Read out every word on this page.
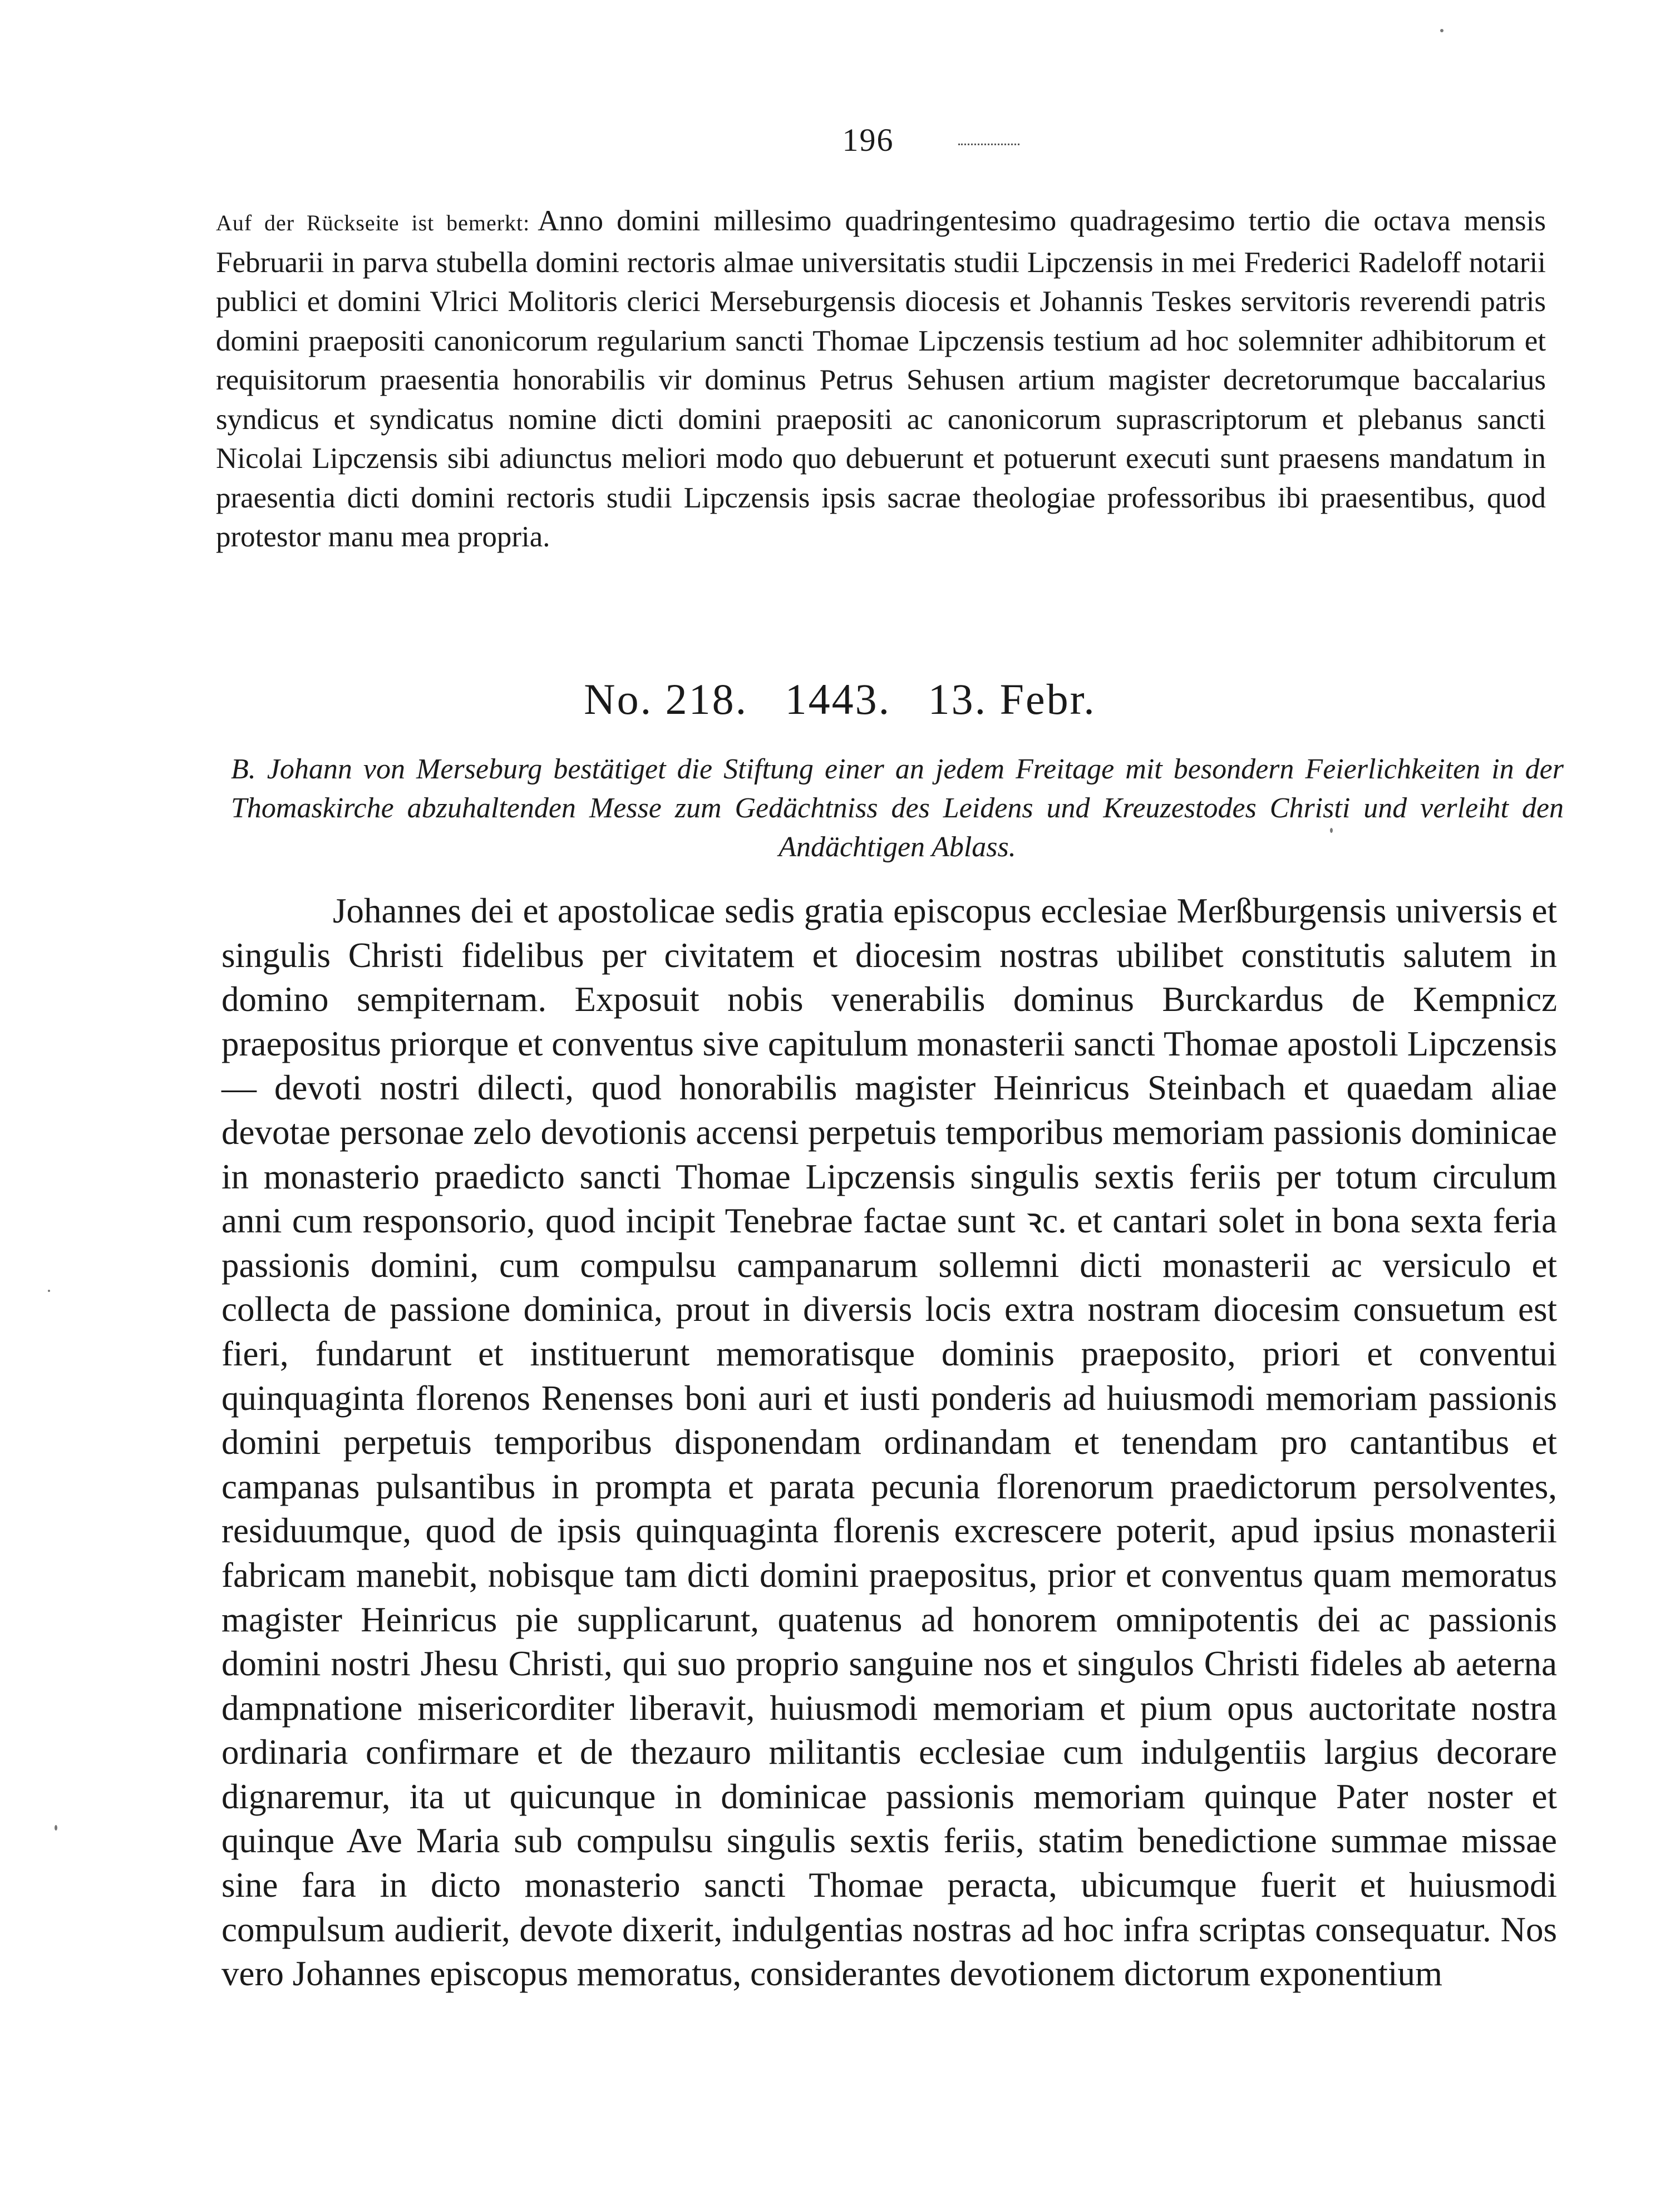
196
Auf der Rückseite ist bemerkt: Anno domini millesimo quadringentesimo quadragesimo tertio die octava mensis Februarii in parva stubella domini rectoris almae universitatis studii Lipczensis in mei Frederici Radeloff notarii publici et domini Vlrici Molitoris clerici Merseburgensis diocesis et Johannis Teskes servitoris reverendi patris domini praepositi canonicorum regularium sancti Thomae Lipczensis testium ad hoc solemniter adhibitorum et requisitorum praesentia honorabilis vir dominus Petrus Sehusen artium magister decretorumque baccalarius syndicus et syndicatus nomine dicti domini praepositi ac canonicorum suprascriptorum et plebanus sancti Nicolai Lipczensis sibi adiunctus meliori modo quo debuerunt et potuerunt executi sunt praesens mandatum in praesentia dicti domini rectoris studii Lipczensis ipsis sacrae theologiae professoribus ibi praesentibus, quod protestor manu mea propria.
No. 218. 1443. 13. Febr.
B. Johann von Merseburg bestätiget die Stiftung einer an jedem Freitage mit besondern Feierlichkeiten in der Thomaskirche abzuhaltenden Messe zum Gedächtniss des Leidens und Kreuzestodes Christi und verleiht den Andächtigen Ablass.
Johannes dei et apostolicae sedis gratia episcopus ecclesiae Merßburgensis universis et singulis Christi fidelibus per civitatem et diocesim nostras ubilibet constitutis salutem in domino sempiternam. Exposuit nobis venerabilis dominus Burckardus de Kempnicz praepositus priorque et conventus sive capitulum monasterii sancti Thomae apostoli Lipczensis — devoti nostri dilecti, quod honorabilis magister Heinricus Steinbach et quaedam aliae devotae personae zelo devotionis accensi perpetuis temporibus memoriam passionis dominicae in monasterio praedicto sancti Thomae Lipczensis singulis sextis feriis per totum circulum anni cum responsorio, quod incipit Tenebrae factae sunt ꝛc. et cantari solet in bona sexta feria passionis domini, cum compulsu campanarum sollemni dicti monasterii ac versiculo et collecta de passione dominica, prout in diversis locis extra nostram diocesim consuetum est fieri, fundarunt et instituerunt memoratisque dominis praeposito, priori et conventui quinquaginta florenos Renenses boni auri et iusti ponderis ad huiusmodi memoriam passionis domini perpetuis temporibus disponendam ordinandam et tenendam pro cantantibus et campanas pulsantibus in prompta et parata pecunia florenorum praedictorum persolventes, residuumque, quod de ipsis quinquaginta florenis excrescere poterit, apud ipsius monasterii fabricam manebit, nobisque tam dicti domini praepositus, prior et conventus quam memoratus magister Heinricus pie supplicarunt, quatenus ad honorem omnipotentis dei ac passionis domini nostri Jhesu Christi, qui suo proprio sanguine nos et singulos Christi fideles ab aeterna dampnatione misericorditer liberavit, huiusmodi memoriam et pium opus auctoritate nostra ordinaria confirmare et de thezauro militantis ecclesiae cum indulgentiis largius decorare dignaremur, ita ut quicunque in dominicae passionis memoriam quinque Pater noster et quinque Ave Maria sub compulsu singulis sextis feriis, statim benedictione summae missae sine fara in dicto monasterio sancti Thomae peracta, ubicumque fuerit et huiusmodi compulsum audierit, devote dixerit, indulgentias nostras ad hoc infra scriptas consequatur. Nos vero Johannes episcopus memoratus, considerantes devotionem dictorum exponentium
